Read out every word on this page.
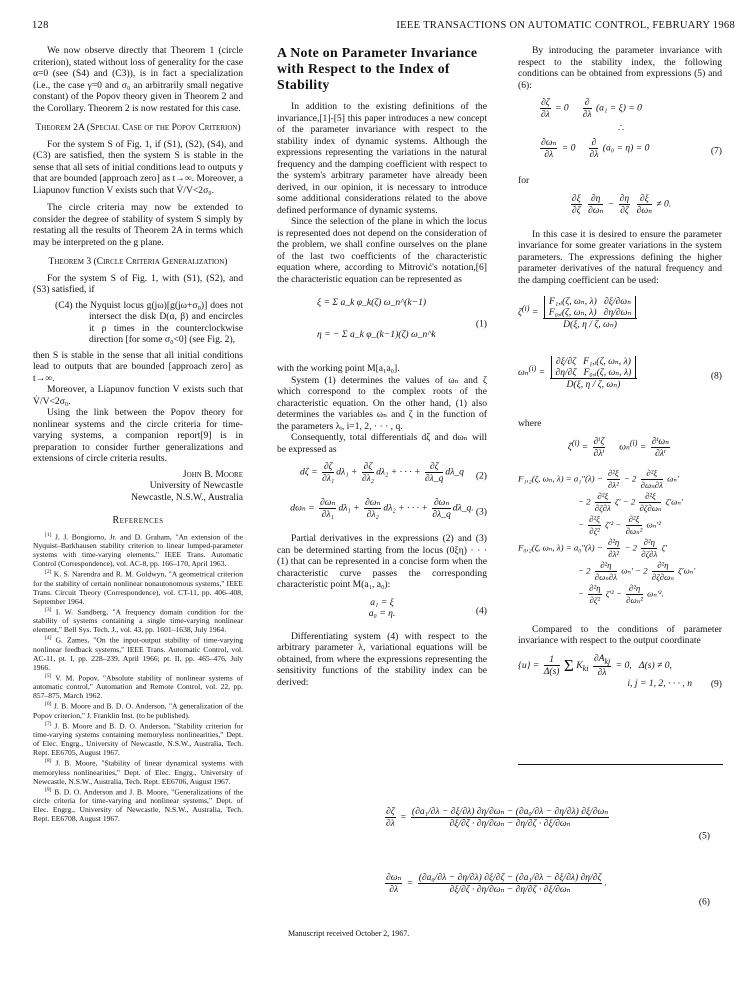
128	IEEE TRANSACTIONS ON AUTOMATIC CONTROL, FEBRUARY 1968

We now observe directly that Theorem 1 (circle criterion), stated without loss of generality for the case α=0 (see (S4) and (C3)), is in fact a specialization (i.e., the case γ=0 and σ₀ an arbitrarily small negative constant) of the Popov theory given in Theorem 2 and the Corollary. Theorem 2 is now restated for this case.

Theorem 2A (Special Case of the Popov Criterion)

For the system S of Fig. 1, if (S1), (S2), (S4), and (C3) are satisfied, then the system S is stable in the sense that all sets of initial conditions lead to outputs y that are bounded [approach zero] as t→∞. Moreover, a Liapunov function V exists such that V̇/V<2σ₀.

The circle criteria may now be extended to consider the degree of stability of system S simply by restating all the results of Theorem 2A in terms which may be interpreted on the g plane.

Theorem 3 (Circle Criteria Generalization)

For the system S of Fig. 1, with (S1), (S2), and (S3) satisfied, if

(C4) the Nyquist locus g(jω)[g(jω+σ₀)] does not intersect the disk D(α, β) and encircles it ρ times in the counterclockwise direction [for some σ₀<0] (see Fig. 2),

then S is stable in the sense that all initial conditions lead to outputs that are bounded [approach zero] as t→∞.

Moreover, a Liapunov function V exists such that V̇/V<2σ₀.

Using the link between the Popov theory for nonlinear systems and the circle criteria for time-varying systems, a companion report[9] is in preparation to consider further generalizations and extensions of circle criteria results.

John B. Moore
University of Newcastle
Newcastle, N.S.W., Australia
References

[1] J. J. Bongiorno, Jr. and D. Graham, "An extension of the Nyquist–Barkhausen stability criterion to linear lumped-parameter systems with time-varying elements," IEEE Trans. Automatic Control (Correspondence), vol. AC-8, pp. 166–170, April 1963.

[2] K. S. Narendra and R. M. Goldwyn, "A geometrical criterion for the stability of certain nonlinear nonautonomous systems," IEEE Trans. Circuit Theory (Correspondence), vol. CT-11, pp. 406–408, September 1964.

[3] I. W. Sandberg, "A frequency domain condition for the stability of systems containing a single time-varying nonlinear element," Bell Sys. Tech. J., vol. 43, pp. 1601–1638, July 1964.

[4] G. Zames, "On the input-output stability of time-varying nonlinear feedback systems," IEEE Trans. Automatic Control, vol. AC-11, pt. I, pp. 228–239, April 1966; pt. II, pp. 465–476, July 1966.

[5] V. M. Popov, "Absolute stability of nonlinear systems of automatic control," Automation and Remote Control, vol. 22, pp. 857–875, March 1962.

[6] J. B. Moore and B. D. O. Anderson, "A generalization of the Popov criterion," J. Franklin Inst. (to be published).

[7] J. B. Moore and B. D. O. Anderson, "Stability criterion for time-varying systems containing memoryless nonlinearities," Dept. of Elec. Engrg., University of Newcastle, N.S.W., Australia, Tech. Rept. EE6705, August 1967.

[8] J. B. Moore, "Stability of linear dynamical systems with memoryless nonlinearities," Dept. of Elec. Engrg., University of Newcastle, N.S.W., Australia, Tech. Rept. EE6706, August 1967.

[9] B. D. O. Anderson and J. B. Moore, "Generalizations of the circle criteria for time-varying and nonlinear systems," Dept. of Elec. Engrg., University of Newcastle, N.S.W., Australia, Tech. Rept. EE6708, August 1967.

A Note on Parameter Invariance with Respect to the Index of Stability

In addition to the existing definitions of the invariance,[1]-[5] this paper introduces a new concept of the parameter invariance with respect to the stability index of dynamic systems. Although the expressions representing the variations in the natural frequency and the damping coefficient with respect to the system's arbitrary parameter have already been derived, in our opinion, it is necessary to introduce some additional considerations related to the above defined performance of dynamic systems.

Since the selection of the plane in which the locus is represented does not depend on the consideration of the problem, we shall confine ourselves on the plane of the last two coefficients of the characteristic equation where, according to Mitrović's notation,[6] the characteristic equation can be represented as

ξ = Σ a_k φ_k(ζ) ω_n^(k−1)
η = − Σ a_k φ_(k−1)(ζ) ω_n^k
(1)

with the working point M[a₁a₀].

System (1) determines the values of ωₙ and ζ which correspond to the complex roots of the characteristic equation. On the other hand, (1) also determines the variables ωₙ and ζ in the function of the parameters λᵢ, i=1, 2, · · · , q.

Consequently, total differentials dζ and dωₙ will be expressed as

$d\zeta = \frac{\partial\zeta}{\text{∂λ₁}} d\lambda_1 + \frac{\partial\zeta}{\text{∂λ₂}} d\lambda_2$ + · · · + $\frac{\partial\zeta}{\partial\lambda\_q}$ dλ_q (2)
$d\omega_n = \frac{\text{∂ωₙ}}{\text{∂λ₁}} d\lambda_1 + \frac{\text{∂ωₙ}}{\text{∂λ₂}} d\lambda_2$ + · · · + $\frac{\text{∂ωₙ}}{\partial\lambda\_q}$ dλ_q. (3)

Partial derivatives in the expressions (2) and (3) can be determined starting from the locus (0ξη) · · · (1) that can be represented in a concise form when the characteristic curve passes the corresponding characteristic point M(a₁, a₀):

a₁ = ξ
a₀ = η.	(4)

Differentiating system (4) with respect to the arbitrary parameter λ, variational equations will be obtained, from where the expressions representing the sensitivity functions of the stability index can be derived:

By introducing the parameter invariance with respect to the stability index, the following conditions can be obtained from expressions (5) and (6):

$\frac{\partial\zeta}{\partial\lambda} = 0 \frac{\partial}{\partial\lambda} (a_1 = \xi) = 0$
∴
$\frac{\text{∂ωₙ}}{\partial\lambda} = 0 \frac{\partial}{\partial\lambda} (a_0 = \eta) = 0$	(7)

for

$\frac{\partial\xi}{\partial\zeta}$
$\frac{\partial\eta}{\text{∂ωₙ}} - \frac{\partial\eta}{\partial\zeta}$
$\frac{\partial\xi}{\text{∂ωₙ}} \ne 0$.

In this case it is desired to ensure the parameter invariance for some greater variations in the system parameters. The expressions defining the higher parameter derivatives of the natural frequency and the damping coefficient can be used:

$\zeta^{(i)}$ =
F₁,ᵢ(ζ, ωₙ, λ)   ∂ξ/∂ωₙ
F₀,ᵢ(ζ, ωₙ, λ)   ∂η/∂ωₙ
D(ξ, η / ζ, ωₙ)
ωₙ$^{(i)}$ =
∂ξ/∂ζ   F₁,ᵢ(ζ, ωₙ, λ)
∂η/∂ζ   F₀,ᵢ(ζ, ωₙ, λ)
D(ξ, η / ζ, ωₙ)
(8)

where

$\zeta^{(i)} = \frac{\text{∂ⁱζ}}{\text{∂λⁱ}} \omega_n^{(i)} = \frac{\text{∂ⁱωₙ}}{\text{∂λⁱ}}$
F₁,₂(ζ, ωₙ, $\lambda) = a_1''(\lambda) - \frac{\text{∂²ξ}}{\text{∂λ²}} - 2 \frac{\text{∂²ξ}}{\text{∂ωₙ∂λ}} \omega_n'$
− $2 \frac{\text{∂²ξ}}{\partial\zeta\partial\lambda} \zeta' - 2 \frac{\text{∂²ξ}}{\text{∂ζ∂ωₙ}} \zeta'\omega_n'$
− $\frac{\text{∂²ξ}}{\text{∂ζ²}} \zeta'^2 - \frac{\text{∂²ξ}}{\text{∂ωₙ²}} \omega_n'^2$
F₀,₂(ζ, ωₙ, $\lambda) = a_0''(\lambda) - \frac{\text{∂²η}}{\text{∂λ²}} - 2 \frac{\text{∂²η}}{\partial\zeta\partial\lambda} \zeta'$
− $2 \frac{\text{∂²η}}{\text{∂ωₙ∂λ}} \omega_n' - 2 \frac{\text{∂²η}}{\text{∂ζ∂ωₙ}} \zeta'\omega_n'$
− $\frac{\text{∂²η}}{\text{∂ζ²}} \zeta'^2 - \frac{\text{∂²η}}{\text{∂ωₙ²}} \omega_n'^2$.

Compared to the conditions of parameter invariance with respect to the output coordinate

$\{u\} = \frac{1}{\Delta(s)}$ Σ $K_{ki} \frac{\partial A_{kj}}{\partial\lambda} = 0$,   Δ(s) ≠ 0,
i, j = 1, 2, · · · , n	(9)
$\frac{\partial\zeta}{\partial\lambda} = \frac{\text{(∂a₁/∂λ − ∂ξ/∂λ) ∂η/∂ωₙ − (∂a₀/∂λ − ∂η/∂λ) ∂ξ/∂ωₙ}}{\text{∂ξ/∂ζ · ∂η/∂ωₙ − ∂η/∂ζ · ∂ξ/∂ωₙ}}$
(5)
$\frac{\text{∂ωₙ}}{\partial\lambda} = \frac{\text{(∂a₀/∂λ − ∂η/∂λ) ∂ξ/∂ζ − (∂a₁/∂λ − ∂ξ/∂λ) ∂η/∂ζ}}{\text{∂ξ/∂ζ · ∂η/∂ωₙ − ∂η/∂ζ · ∂ξ/∂ωₙ}}$ .
(6)
Manuscript received October 2, 1967.
